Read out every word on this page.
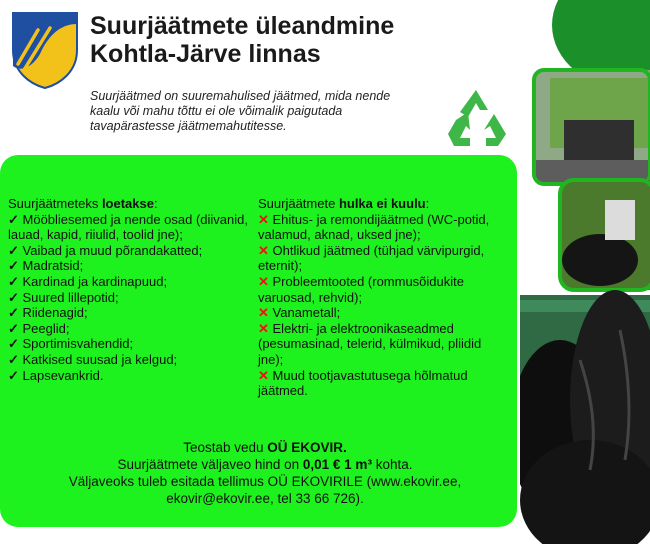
Suurjäätmete üleandmine
Kohtla-Järve linnas
Suurjäätmed on suuremahulised jäätmed, mida nende kaalu või mahu tõttu ei ole võimalik paigutada tavapärastesse jäätmemahutitesse.
Suurjäätmeteks loetakse:
✓ Mööbliesemed ja nende osad (diivanid, lauad, kapid, riiulid, toolid jne);
✓ Vaibad ja muud põrandakatted;
✓ Madratsid;
✓ Kardinad ja kardinapuud;
✓ Suured lillepotid;
✓ Riidenagid;
✓ Peeglid;
✓ Sportimisvahendid;
✓ Katkised suusad ja kelgud;
✓ Lapsevankrid.
Suurjäätmete hulka ei kuulu:
✕ Ehitus- ja remondijäätmed (WC-potid, valamud, aknad, uksed jne);
✕ Ohtlikud jäätmed (tühjad värvipurgid, eternit);
✕ Probleemtooted (rommusõidukite varuosad, rehvid);
✕ Vanametall;
✕ Elektri- ja elektroonikaseadmed (pesumasinad, telerid, külmikud, pliidid jne);
✕ Muud tootjavastutusega hõlmatud jäätmed.
Teostab vedu OÜ EKOVIR.
Suurjäätmete väljaveo hind on 0,01 € 1 m³ kohta.
Väljaveoks tuleb esitada tellimus OÜ EKOVIRILE (www.ekovir.ee, ekovir@ekovir.ee, tel 33 66 726).
